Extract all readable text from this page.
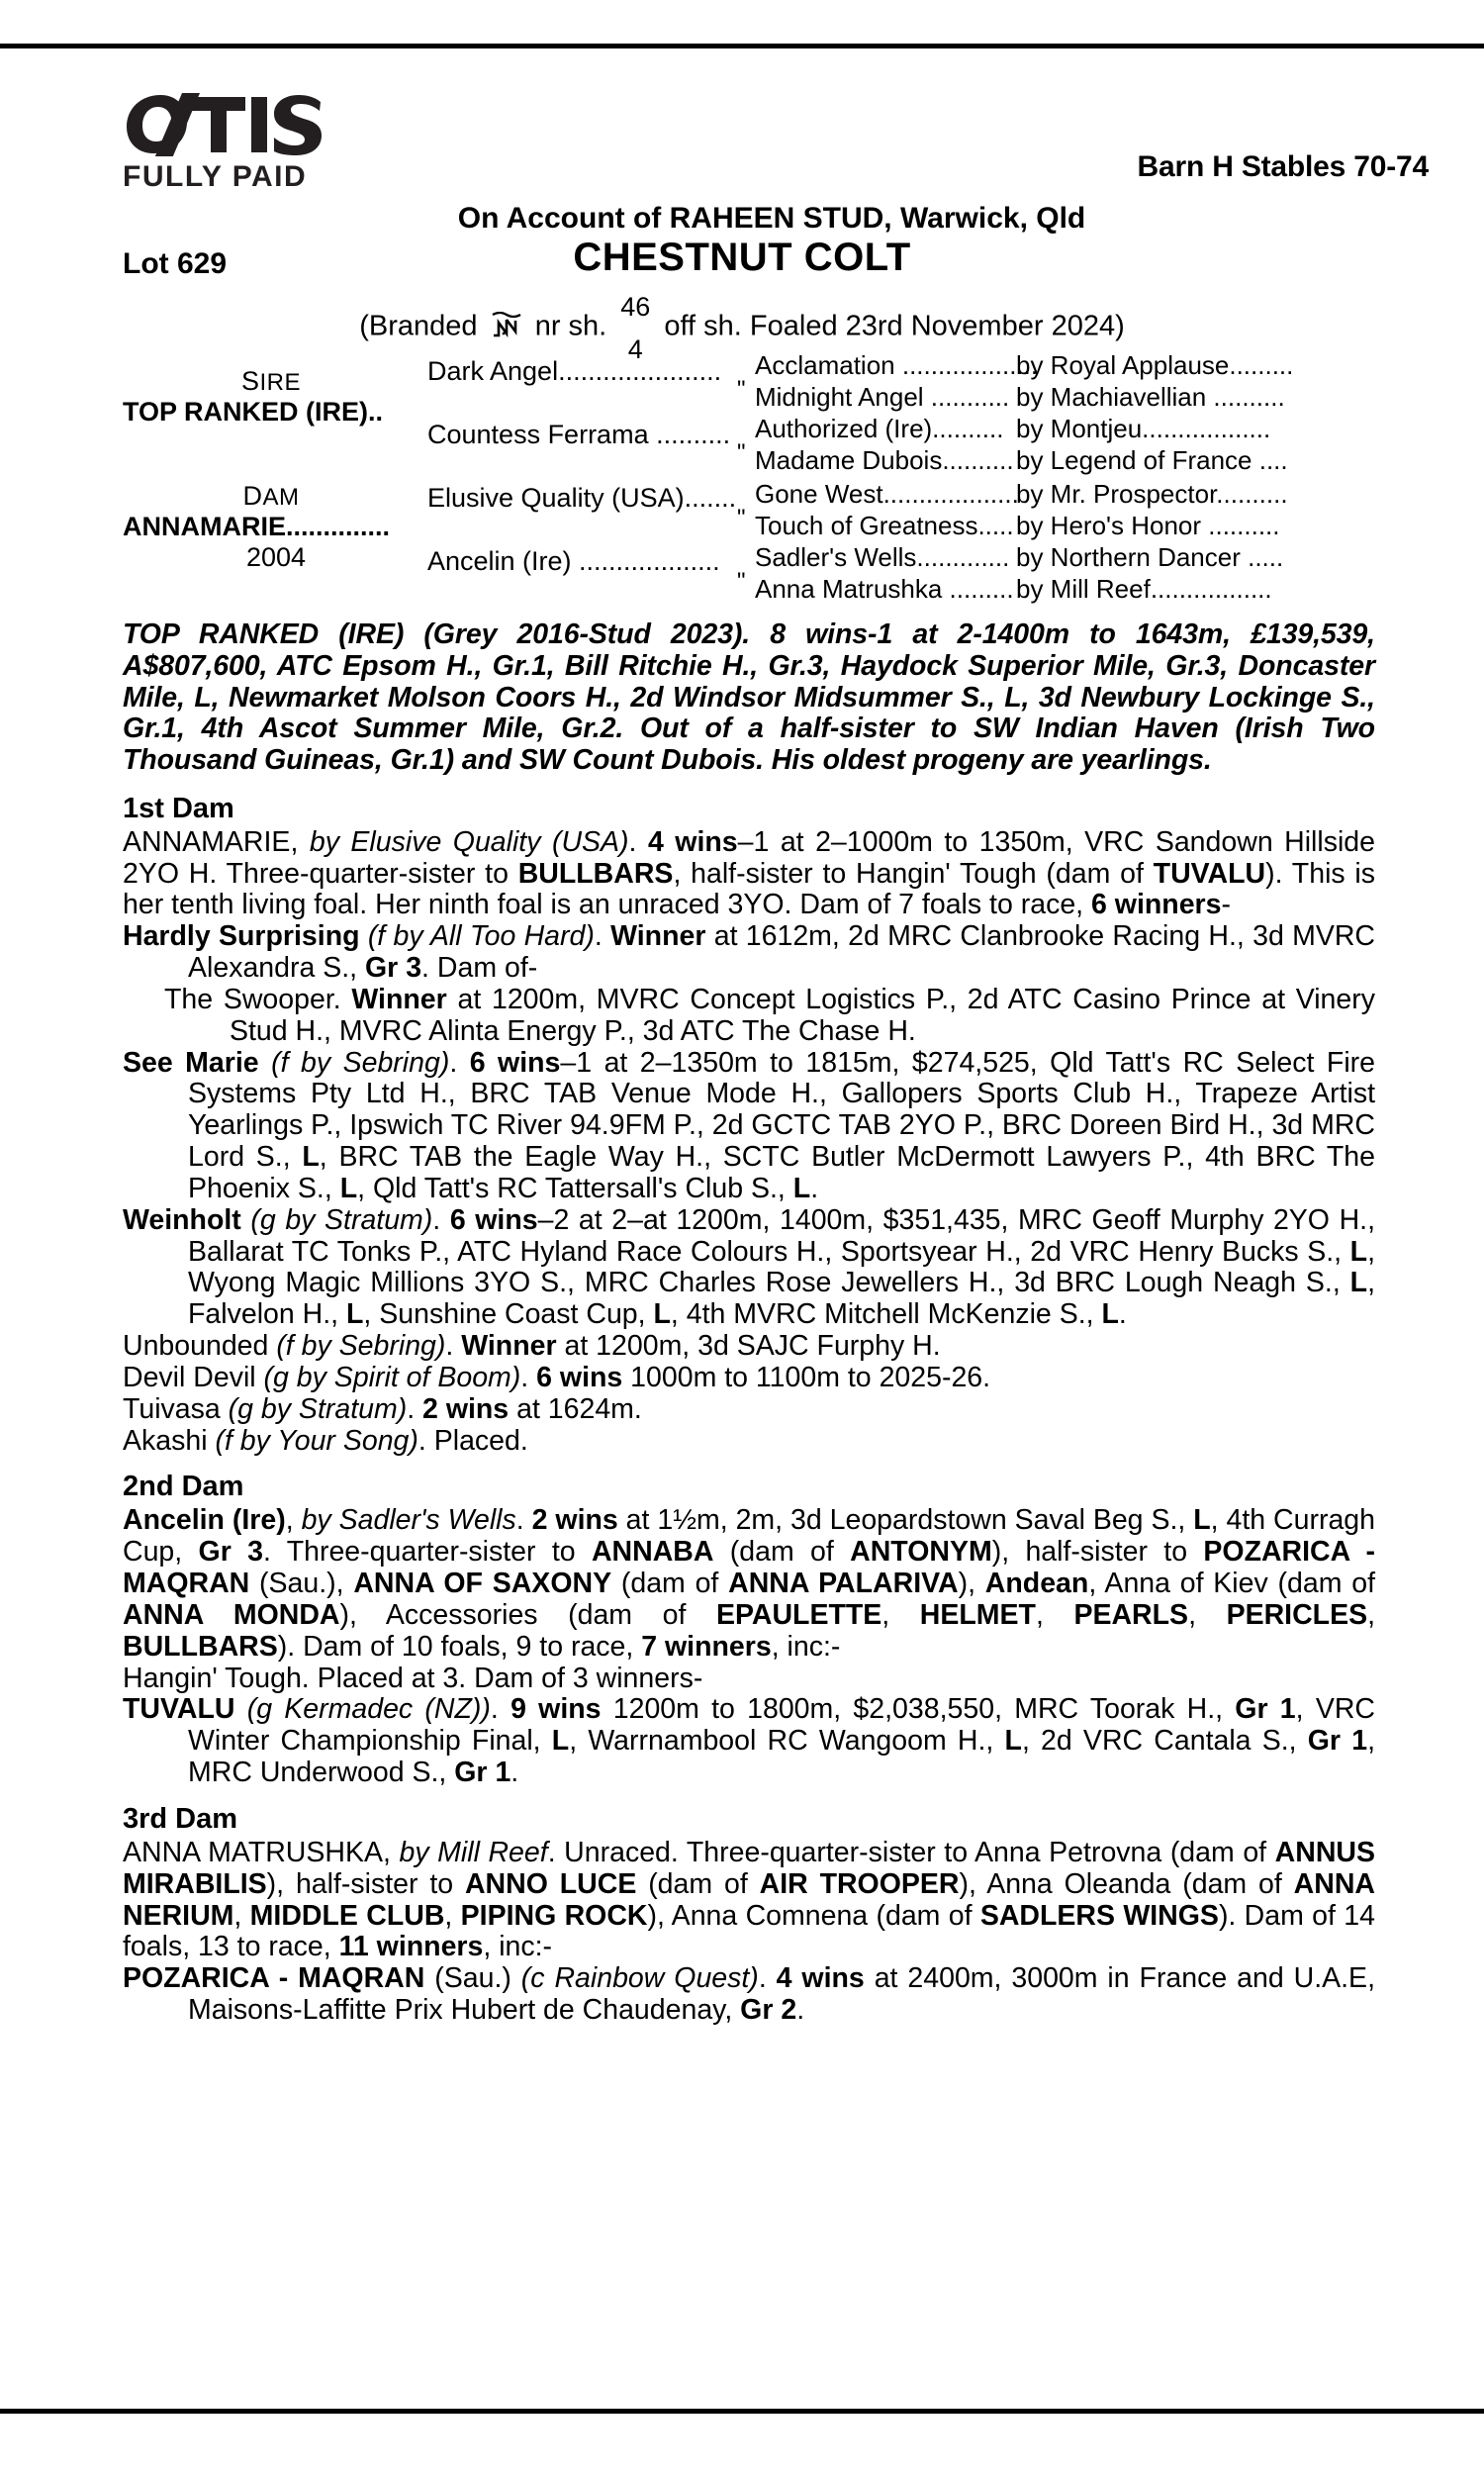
FULLY PAID	Barn H Stables 70-74
On Account of RAHEEN STUD, Warwick, Qld
Lot 629	CHESTNUT COLT
(Branded nr sh.
46
4
off sh. Foaled 23rd November 2024)
SIRE
TOP RANKED (IRE)..
DAM
ANNAMARIE..............
2004
Dark Angel......................
Countess Ferrama ..........
Elusive Quality (USA).......
Ancelin (Ire) ...................
Acclamation ...................
by Royal Applause.........
" Midnight Angel ........... by Machiavellian ..........
Authorized (Ire).......... by Montjeu..................
" Madame Dubois.......... by Legend of France ....
Gone West...................
by Mr. Prospector..........
" Touch of Greatness..... by Hero's Honor ..........
Sadler's Wells............. by Northern Dancer .....
" Anna Matrushka ......... by Mill Reef.................
TOP RANKED (IRE) (Grey 2016-Stud 2023). 8 wins-1 at 2-1400m to 1643m, £139,539, A$807,600, ATC Epsom H., Gr.1, Bill Ritchie H., Gr.3, Haydock Superior Mile, Gr.3, Doncaster Mile, L, Newmarket Molson Coors H., 2d Windsor Midsummer S., L, 3d Newbury Lockinge S., Gr.1, 4th Ascot Summer Mile, Gr.2. Out of a half-sister to SW Indian Haven (Irish Two Thousand Guineas, Gr.1) and SW Count Dubois. His oldest progeny are yearlings.
1st Dam

ANNAMARIE, by Elusive Quality (USA). 4 wins–1 at 2–1000m to 1350m, VRC Sandown Hillside 2YO H. Three-quarter-sister to BULLBARS, half-sister to Hangin' Tough (dam of TUVALU). This is her tenth living foal. Her ninth foal is an unraced 3YO. Dam of 7 foals to race, 6 winners-

Hardly Surprising (f by All Too Hard). Winner at 1612m, 2d MRC Clanbrooke Racing H., 3d MVRC Alexandra S., Gr 3. Dam of-

The Swooper. Winner at 1200m, MVRC Concept Logistics P., 2d ATC Casino Prince at Vinery Stud H., MVRC Alinta Energy P., 3d ATC The Chase H.

See Marie (f by Sebring). 6 wins–1 at 2–1350m to 1815m, $274,525, Qld Tatt's RC Select Fire Systems Pty Ltd H., BRC TAB Venue Mode H., Gallopers Sports Club H., Trapeze Artist Yearlings P., Ipswich TC River 94.9FM P., 2d GCTC TAB 2YO P., BRC Doreen Bird H., 3d MRC Lord S., L, BRC TAB the Eagle Way H., SCTC Butler McDermott Lawyers P., 4th BRC The Phoenix S., L, Qld Tatt's RC Tattersall's Club S., L.

Weinholt (g by Stratum). 6 wins–2 at 2–at 1200m, 1400m, $351,435, MRC Geoff Murphy 2YO H., Ballarat TC Tonks P., ATC Hyland Race Colours H., Sportsyear H., 2d VRC Henry Bucks S., L, Wyong Magic Millions 3YO S., MRC Charles Rose Jewellers H., 3d BRC Lough Neagh S., L, Falvelon H., L, Sunshine Coast Cup, L, 4th MVRC Mitchell McKenzie S., L.

Unbounded (f by Sebring). Winner at 1200m, 3d SAJC Furphy H.

Devil Devil (g by Spirit of Boom). 6 wins 1000m to 1100m to 2025-26.

Tuivasa (g by Stratum). 2 wins at 1624m.

Akashi (f by Your Song). Placed.

2nd Dam

Ancelin (Ire), by Sadler's Wells. 2 wins at 1½m, 2m, 3d Leopardstown Saval Beg S., L, 4th Curragh Cup, Gr 3. Three-quarter-sister to ANNABA (dam of ANTONYM), half-sister to POZARICA - MAQRAN (Sau.), ANNA OF SAXONY (dam of ANNA PALARIVA), Andean, Anna of Kiev (dam of ANNA MONDA), Accessories (dam of EPAULETTE, HELMET, PEARLS, PERICLES, BULLBARS). Dam of 10 foals, 9 to race, 7 winners, inc:-

Hangin' Tough. Placed at 3. Dam of 3 winners-

TUVALU (g Kermadec (NZ)). 9 wins 1200m to 1800m, $2,038,550, MRC Toorak H., Gr 1, VRC Winter Championship Final, L, Warrnambool RC Wangoom H., L, 2d VRC Cantala S., Gr 1, MRC Underwood S., Gr 1.

3rd Dam

ANNA MATRUSHKA, by Mill Reef. Unraced. Three-quarter-sister to Anna Petrovna (dam of ANNUS MIRABILIS), half-sister to ANNO LUCE (dam of AIR TROOPER), Anna Oleanda (dam of ANNA NERIUM, MIDDLE CLUB, PIPING ROCK), Anna Comnena (dam of SADLERS WINGS). Dam of 14 foals, 13 to race, 11 winners, inc:-

POZARICA - MAQRAN (Sau.) (c Rainbow Quest). 4 wins at 2400m, 3000m in France and U.A.E, Maisons-Laffitte Prix Hubert de Chaudenay, Gr 2.
